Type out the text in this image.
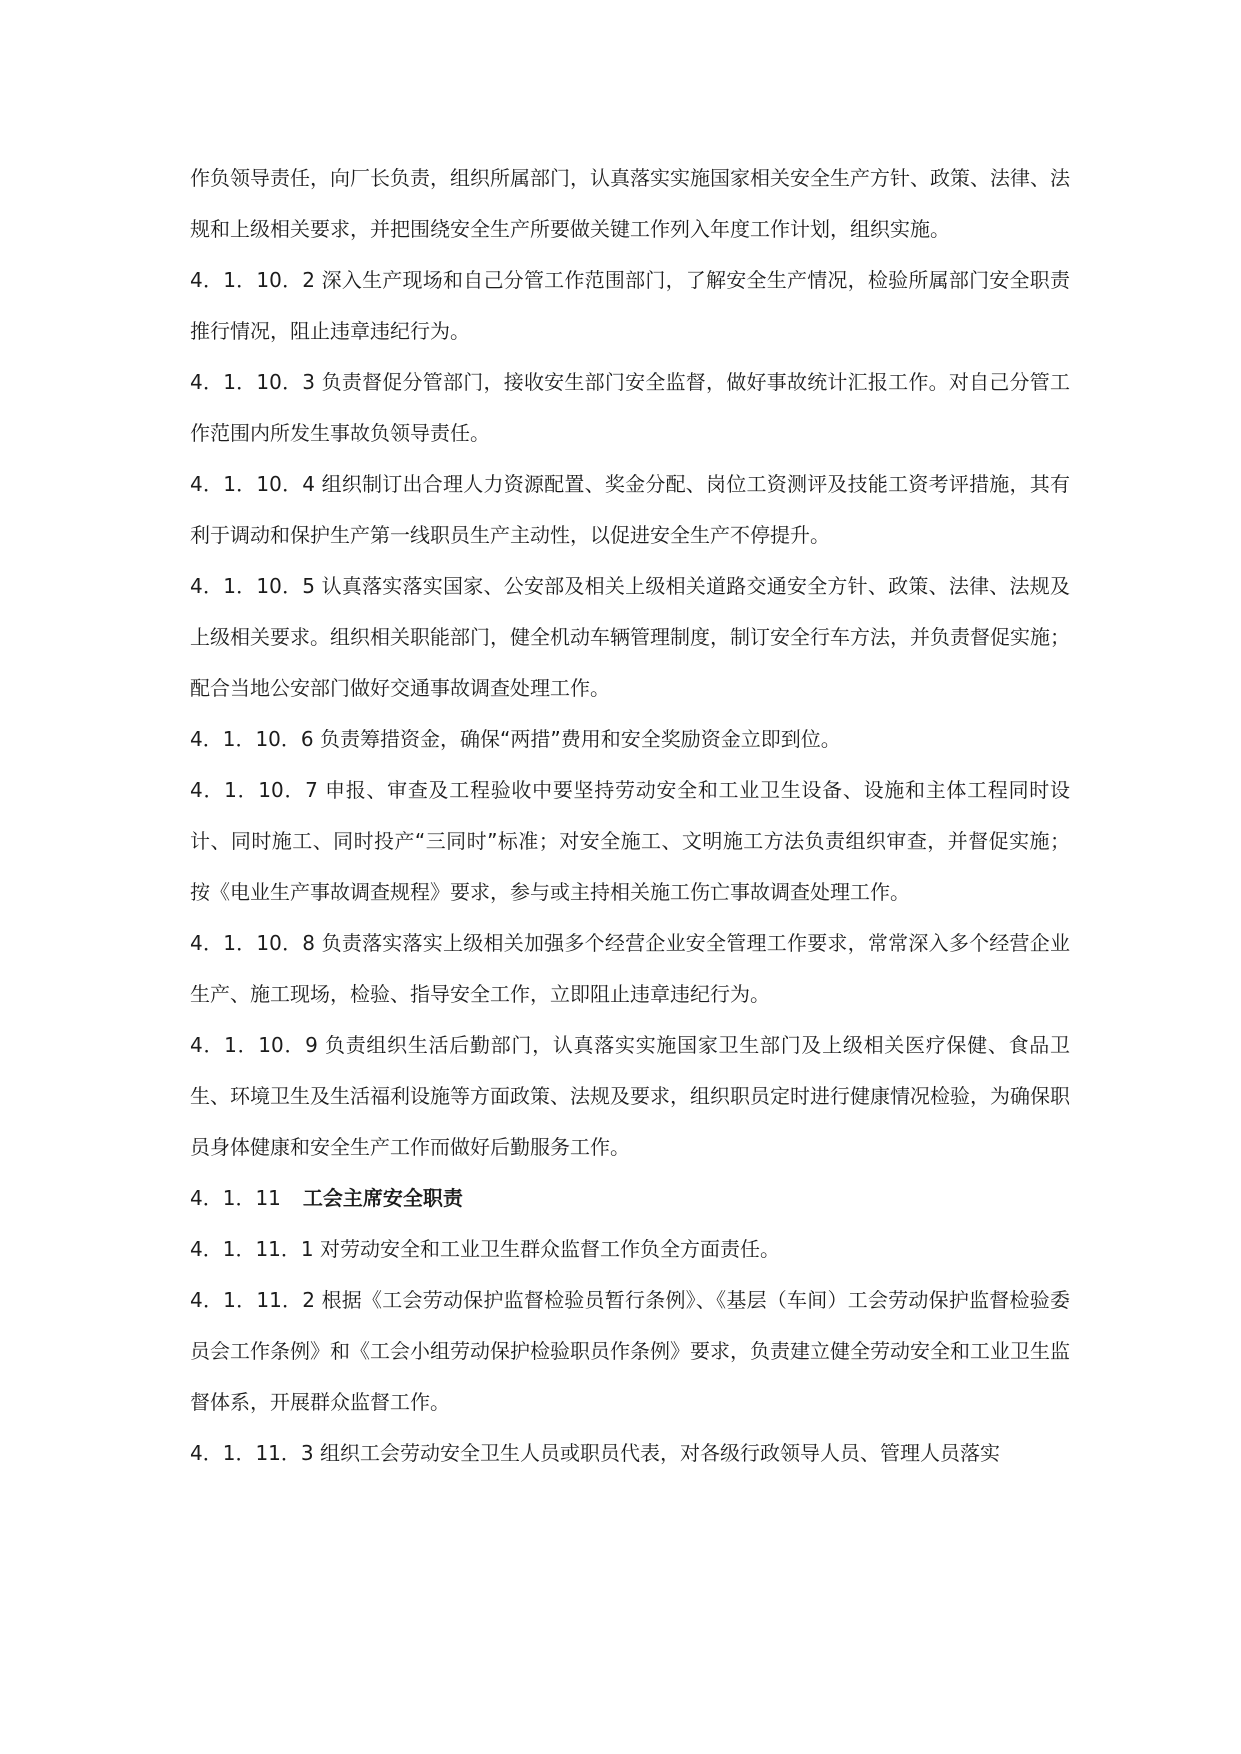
作负领导责任，向厂长负责，组织所属部门，认真落实实施国家相关安全生产方针、政策、法律、法规和上级相关要求，并把围绕安全生产所要做关键工作列入年度工作计划，组织实施。

4．1．10．2 深入生产现场和自己分管工作范围部门，了解安全生产情况，检验所属部门安全职责推行情况，阻止违章违纪行为。

4．1．10．3 负责督促分管部门，接收安生部门安全监督，做好事故统计汇报工作。对自己分管工作范围内所发生事故负领导责任。

4．1．10．4 组织制订出合理人力资源配置、奖金分配、岗位工资测评及技能工资考评措施，其有利于调动和保护生产第一线职员生产主动性，以促进安全生产不停提升。

4．1．10．5 认真落实落实国家、公安部及相关上级相关道路交通安全方针、政策、法律、法规及上级相关要求。组织相关职能部门，健全机动车辆管理制度，制订安全行车方法，并负责督促实施；配合当地公安部门做好交通事故调查处理工作。

4．1．10．6 负责筹措资金，确保“两措”费用和安全奖励资金立即到位。

4．1．10．7 申报、审查及工程验收中要坚持劳动安全和工业卫生设备、设施和主体工程同时设计、同时施工、同时投产“三同时”标准；对安全施工、文明施工方法负责组织审查，并督促实施；按《电业生产事故调查规程》要求，参与或主持相关施工伤亡事故调查处理工作。

4．1．10．8 负责落实落实上级相关加强多个经营企业安全管理工作要求，常常深入多个经营企业生产、施工现场，检验、指导安全工作，立即阻止违章违纪行为。

4．1．10．9 负责组织生活后勤部门，认真落实实施国家卫生部门及上级相关医疗保健、食品卫生、环境卫生及生活福利设施等方面政策、法规及要求，组织职员定时进行健康情况检验，为确保职员身体健康和安全生产工作而做好后勤服务工作。

4．1．11 工会主席安全职责

4．1．11．1 对劳动安全和工业卫生群众监督工作负全方面责任。

4．1．11．2 根据《工会劳动保护监督检验员暂行条例》、《基层（车间）工会劳动保护监督检验委员会工作条例》和《工会小组劳动保护检验职员作条例》要求，负责建立健全劳动安全和工业卫生监督体系，开展群众监督工作。

4．1．11．3 组织工会劳动安全卫生人员或职员代表，对各级行政领导人员、管理人员落实
